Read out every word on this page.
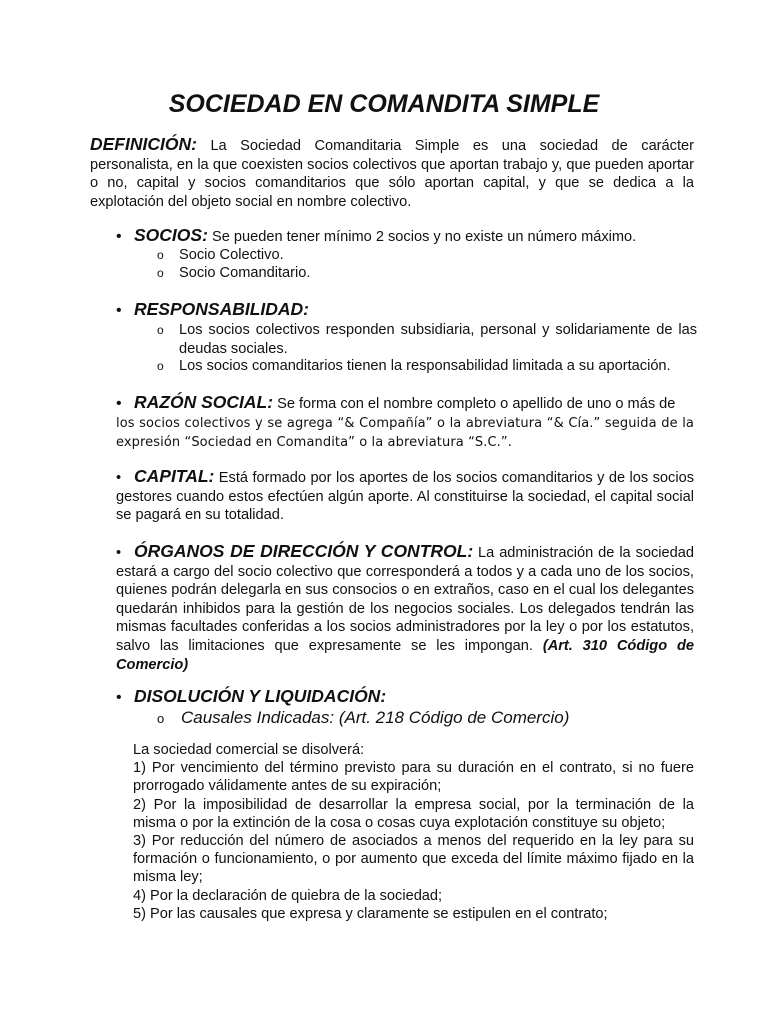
SOCIEDAD EN COMANDITA SIMPLE

DEFINICIÓN: La Sociedad Comanditaria Simple es una sociedad de carácter personalista, en la que coexisten socios colectivos que aportan trabajo y, que pueden aportar o no, capital y socios comanditarios que sólo aportan capital, y que se dedica a la explotación del objeto social en nombre colectivo.

• SOCIOS: Se pueden tener mínimo 2 socios y no existe un número máximo.
o Socio Colectivo.
o Socio Comanditario.
• RESPONSABILIDAD:
o Los socios colectivos responden subsidiaria, personal y solidariamente de las deudas sociales.
o Los socios comanditarios tienen la responsabilidad limitada a su aportación.
• RAZÓN SOCIAL: Se forma con el nombre completo o apellido de uno o más de

los socios colectivos y se agrega “& Compañía” o la abreviatura “& Cía.” seguida de la expresión “Sociedad en Comandita” o la abreviatura “S.C.”.

• CAPITAL: Está formado por los aportes de los socios comanditarios y de los socios gestores cuando estos efectúen algún aporte. Al constituirse la sociedad, el capital social se pagará en su totalidad.

• ÓRGANOS DE DIRECCIÓN Y CONTROL: La administración de la sociedad estará a cargo del socio colectivo que corresponderá a todos y a cada uno de los socios, quienes podrán delegarla en sus consocios o en extraños, caso en el cual los delegantes quedarán inhibidos para la gestión de los negocios sociales. Los delegados tendrán las mismas facultades conferidas a los socios administradores por la ley o por los estatutos, salvo las limitaciones que expresamente se les impongan. (Art. 310 Código de Comercio)

• DISOLUCIÓN Y LIQUIDACIÓN:
o Causales Indicadas: (Art. 218 Código de Comercio)
La sociedad comercial se disolverá:
1) Por vencimiento del término previsto para su duración en el contrato, si no fuere prorrogado válidamente antes de su expiración;
2) Por la imposibilidad de desarrollar la empresa social, por la terminación de la misma o por la extinción de la cosa o cosas cuya explotación constituye su objeto;
3) Por reducción del número de asociados a menos del requerido en la ley para su formación o funcionamiento, o por aumento que exceda del límite máximo fijado en la misma ley;
4) Por la declaración de quiebra de la sociedad;
5) Por las causales que expresa y claramente se estipulen en el contrato;
